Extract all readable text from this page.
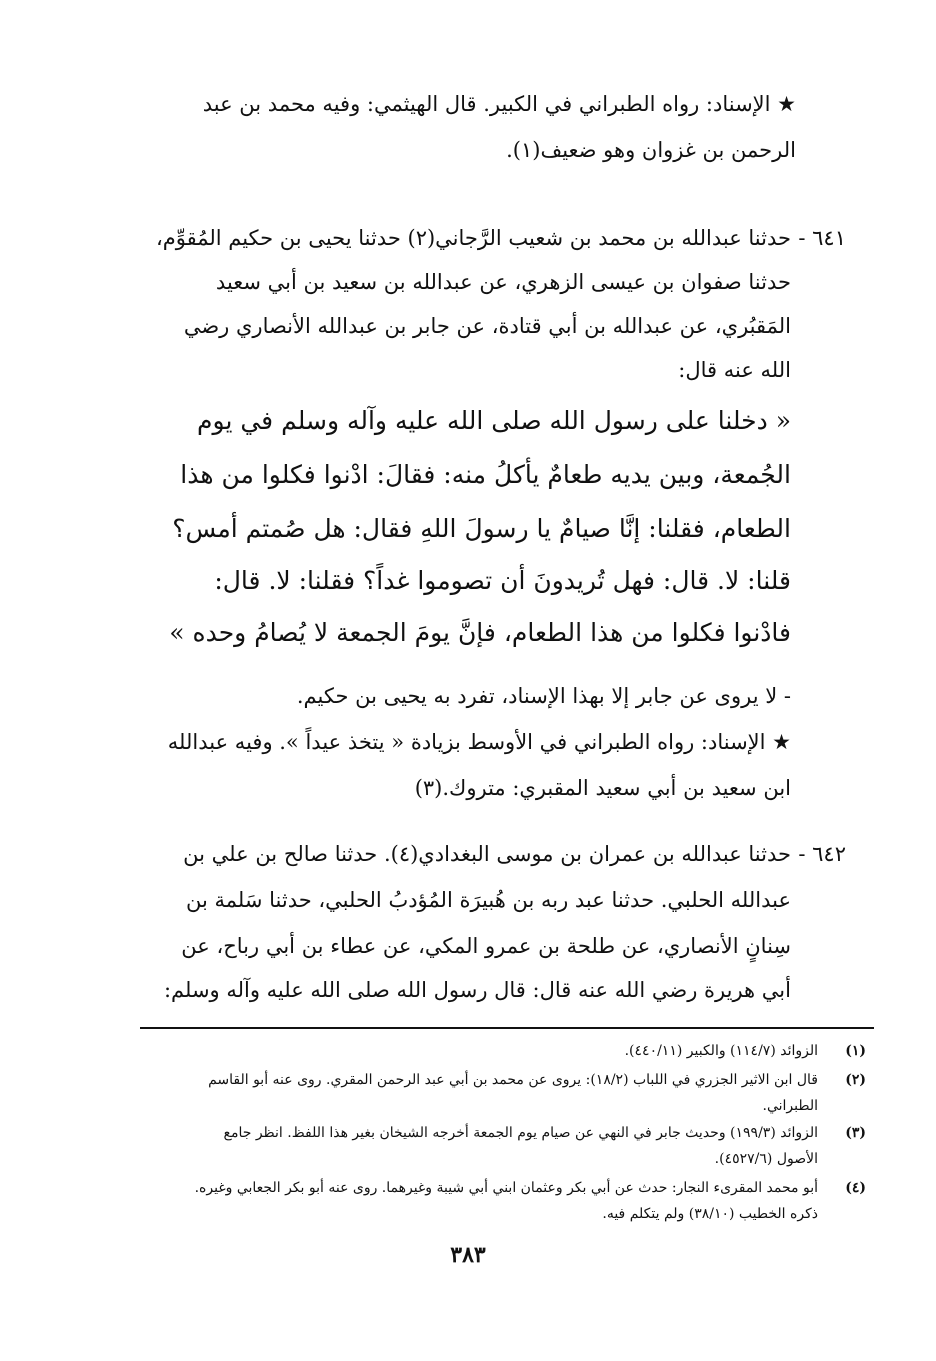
★ الإسناد: رواه الطبراني في الكبير. قال الهيثمي: وفيه محمد بن عبد
الرحمن بن غزوان وهو ضعيف(١).
٦٤١ -
حدثنا عبدالله بن محمد بن شعيب الرَّجاني(٢) حدثنا يحيى بن حكيم المُقوِّم،
حدثنا صفوان بن عيسى الزهري، عن عبدالله بن سعيد بن أبي سعيد
المَقبُري، عن عبدالله بن أبي قتادة، عن جابر بن عبدالله الأنصاري رضي
الله عنه قال:
« دخلنا على رسول الله صلى الله عليه وآله وسلم في يوم
الجُمعة، وبين يديه طعامٌ يأكلُ منه: فقالَ: ادْنوا فكلوا من هذا
الطعام، فقلنا: إنَّا صيامٌ يا رسولَ اللهِ فقال: هل صُمتم أمس؟
قلنا: لا. قال: فهل تُريدونَ أن تصوموا غداً؟ فقلنا: لا. قال:
فادْنوا فكلوا من هذا الطعام، فإنَّ يومَ الجمعة لا يُصامُ وحده »
- لا يروى عن جابر إلا بهذا الإسناد، تفرد به يحيى بن حكيم.
★ الإسناد: رواه الطبراني في الأوسط بزيادة « يتخذ عيداً ». وفيه عبدالله
ابن سعيد بن أبي سعيد المقبري: متروك.(٣)
٦٤٢ -
حدثنا عبدالله بن عمران بن موسى البغدادي(٤). حدثنا صالح بن علي بن
عبدالله الحلبي. حدثنا عبد ربه بن هُبيرَة المُؤدبُ الحلبي، حدثنا سَلمة بن
سِنانٍ الأنصاري، عن طلحة بن عمرو المكي، عن عطاء بن أبي رباح، عن
أبي هريرة رضي الله عنه قال: قال رسول الله صلى الله عليه وآله وسلم:
(١)
الزوائد (١١٤/٧) والكبير (٤٤٠/١١).
(٢)
قال ابن الاثير الجزري في اللباب (١٨/٢): يروى عن محمد بن أبي عبد الرحمن المقري. روى عنه أبو القاسم
الطبراني.
(٣)
الزوائد (١٩٩/٣) وحديث جابر في النهي عن صيام يوم الجمعة أخرجه الشيخان بغير هذا اللفظ. انظر جامع
الأصول (٤٥٢٧/٦).
(٤)
أبو محمد المقرىء النجار: حدث عن أبي بكر وعثمان ابني أبي شيبة وغيرهما. روى عنه أبو بكر الجعابي وغيره.
ذكره الخطيب (٣٨/١٠) ولم يتكلم فيه.
٣٨٣
